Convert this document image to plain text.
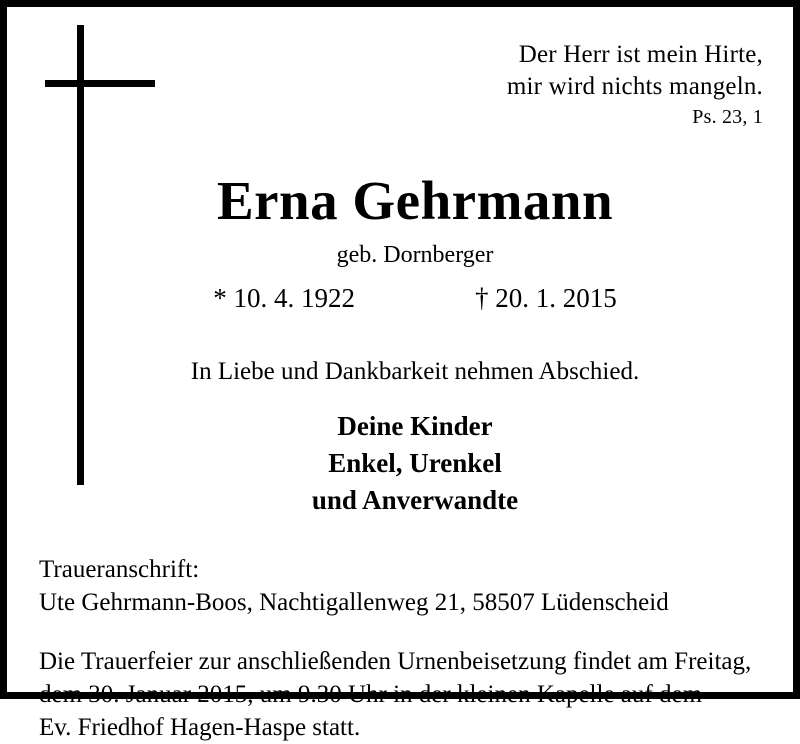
Der Herr ist mein Hirte,
mir wird nichts mangeln.
Ps. 23, 1
Erna Gehrmann
geb. Dornberger
* 10. 4. 1922	† 20. 1. 2015
In Liebe und Dankbarkeit nehmen Abschied.
Deine Kinder
Enkel, Urenkel
und Anverwandte
Traueranschrift:
Ute Gehrmann-Boos, Nachtigallenweg 21, 58507 Lüdenscheid
Die Trauerfeier zur anschließenden Urnenbeisetzung findet am Freitag,
dem 30. Januar 2015, um 9.30 Uhr in der kleinen Kapelle auf dem
Ev. Friedhof Hagen-Haspe statt.
